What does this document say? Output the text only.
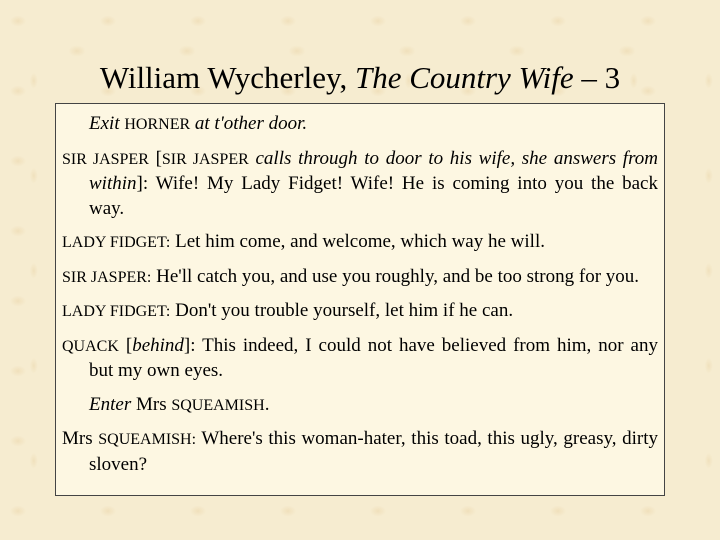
William Wycherley, The Country Wife – 3
Exit HORNER at t'other door.
SIR JASPER [SIR JASPER calls through to door to his wife, she answers from within]: Wife! My Lady Fidget! Wife! He is coming into you the back way.
LADY FIDGET: Let him come, and welcome, which way he will.
SIR JASPER: He'll catch you, and use you roughly, and be too strong for you.
LADY FIDGET: Don't you trouble yourself, let him if he can.
QUACK [behind]: This indeed, I could not have believed from him, nor any but my own eyes.
Enter Mrs SQUEAMISH.
Mrs SQUEAMISH: Where's this woman-hater, this toad, this ugly, greasy, dirty sloven?
